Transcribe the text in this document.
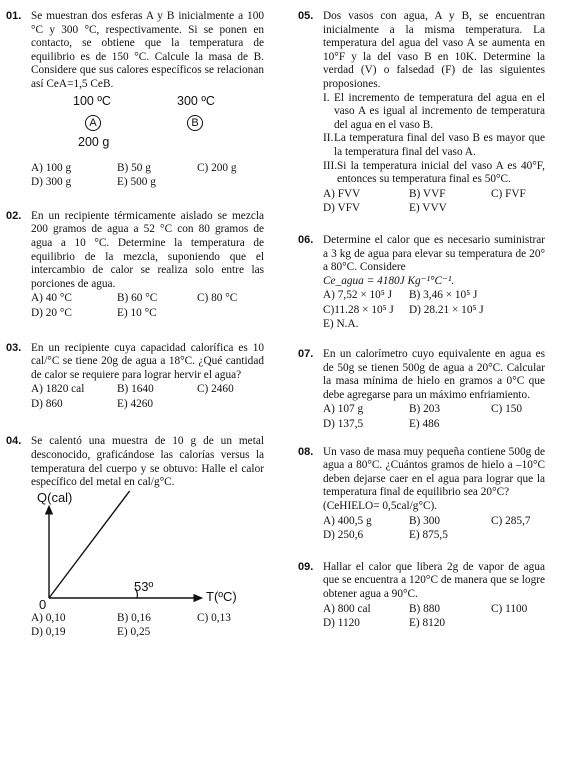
01. Se muestran dos esferas A y B inicialmente a 100 °C y 300 °C, respectivamente. Si se ponen en contacto, se obtiene que la temperatura de equilibrio es de 150 °C. Calcule la masa de B. Considere que sus calores específicos se relacionan así CeA=1,5 CeB.

100 ºC	300 ºC
A	B
200 g
A) 100 g	B) 50 g	C) 200 g
D) 300 g	E) 500 g
02. En un recipiente térmicamente aislado se mezcla 200 gramos de agua a 52 °C con 80 gramos de agua a 10 °C. Determine la temperatura de equilibrio de la mezcla, suponiendo que el intercambio de calor se realiza solo entre las porciones de agua.

A) 40 °C	B) 60 °C	C) 80 °C
D) 20 °C	E) 10 °C
03. En un recipiente cuya capacidad calorífica es 10 cal/°C se tiene 20g de agua a 18°C. ¿Qué cantidad de calor se requiere para lograr hervir el agua?

A) 1820 cal	B) 1640	C) 2460
D) 860	E) 4260
04. Se calentó una muestra de 10 g de un metal desconocido, graficándose las calorías versus la temperatura del cuerpo y se obtuvo: Halle el calor específico del metal en cal/g°C.

Q(cal)
T(ºC)
0
53º
A) 0,10	B) 0,16	C) 0,13
D) 0,19	E) 0,25
05. Dos vasos con agua, A y B, se encuentran inicialmente a la misma temperatura. La temperatura del agua del vaso A se aumenta en 10°F y la del vaso B en 10K. Determine la verdad (V) o falsedad (F) de las siguientes proposiones.

I. El incremento de temperatura del agua en el vaso A es igual al incremento de temperatura del agua en el vaso B.
II. La temperatura final del vaso B es mayor que la temperatura final del vaso A.
III. Si la temperatura inicial del vaso A es 40°F, entonces su temperatura final es 50°C.
A) FVV	B) VVF	C) FVF
D) VFV	E) VVV
06. Determine el calor que es necesario suministrar a 3 kg de agua para elevar su temperatura de 20° a 80°C. Considere

Ce_agua = 4180J Kg⁻¹°C⁻¹.
A) 7,52 × 10⁵ J	B) 3,46 × 10⁵ J
C)11.28 × 10⁵ J	D) 28.21 × 10⁵ J
E) N.A.
07. En un calorímetro cuyo equivalente en agua es de 50g se tienen 500g de agua a 20°C. Calcular la masa mínima de hielo en gramos a 0°C que debe agregarse para un máximo enfriamiento.

A) 107 g	B) 203	C) 150
D) 137,5	E) 486
08. Un vaso de masa muy pequeña contiene 500g de agua a 80°C. ¿Cuántos gramos de hielo a –10°C deben dejarse caer en el agua para lograr que la temperatura final de equilibrio sea 20°C?

(CeHIELO= 0,5cal/g°C).
A) 400,5 g	B) 300	C) 285,7
D) 250,6	E) 875,5
09. Hallar el calor que libera 2g de vapor de agua que se encuentra a 120°C de manera que se logre obtener agua a 90°C.

A) 800 cal	B) 880	C) 1100
D) 1120	E) 8120
